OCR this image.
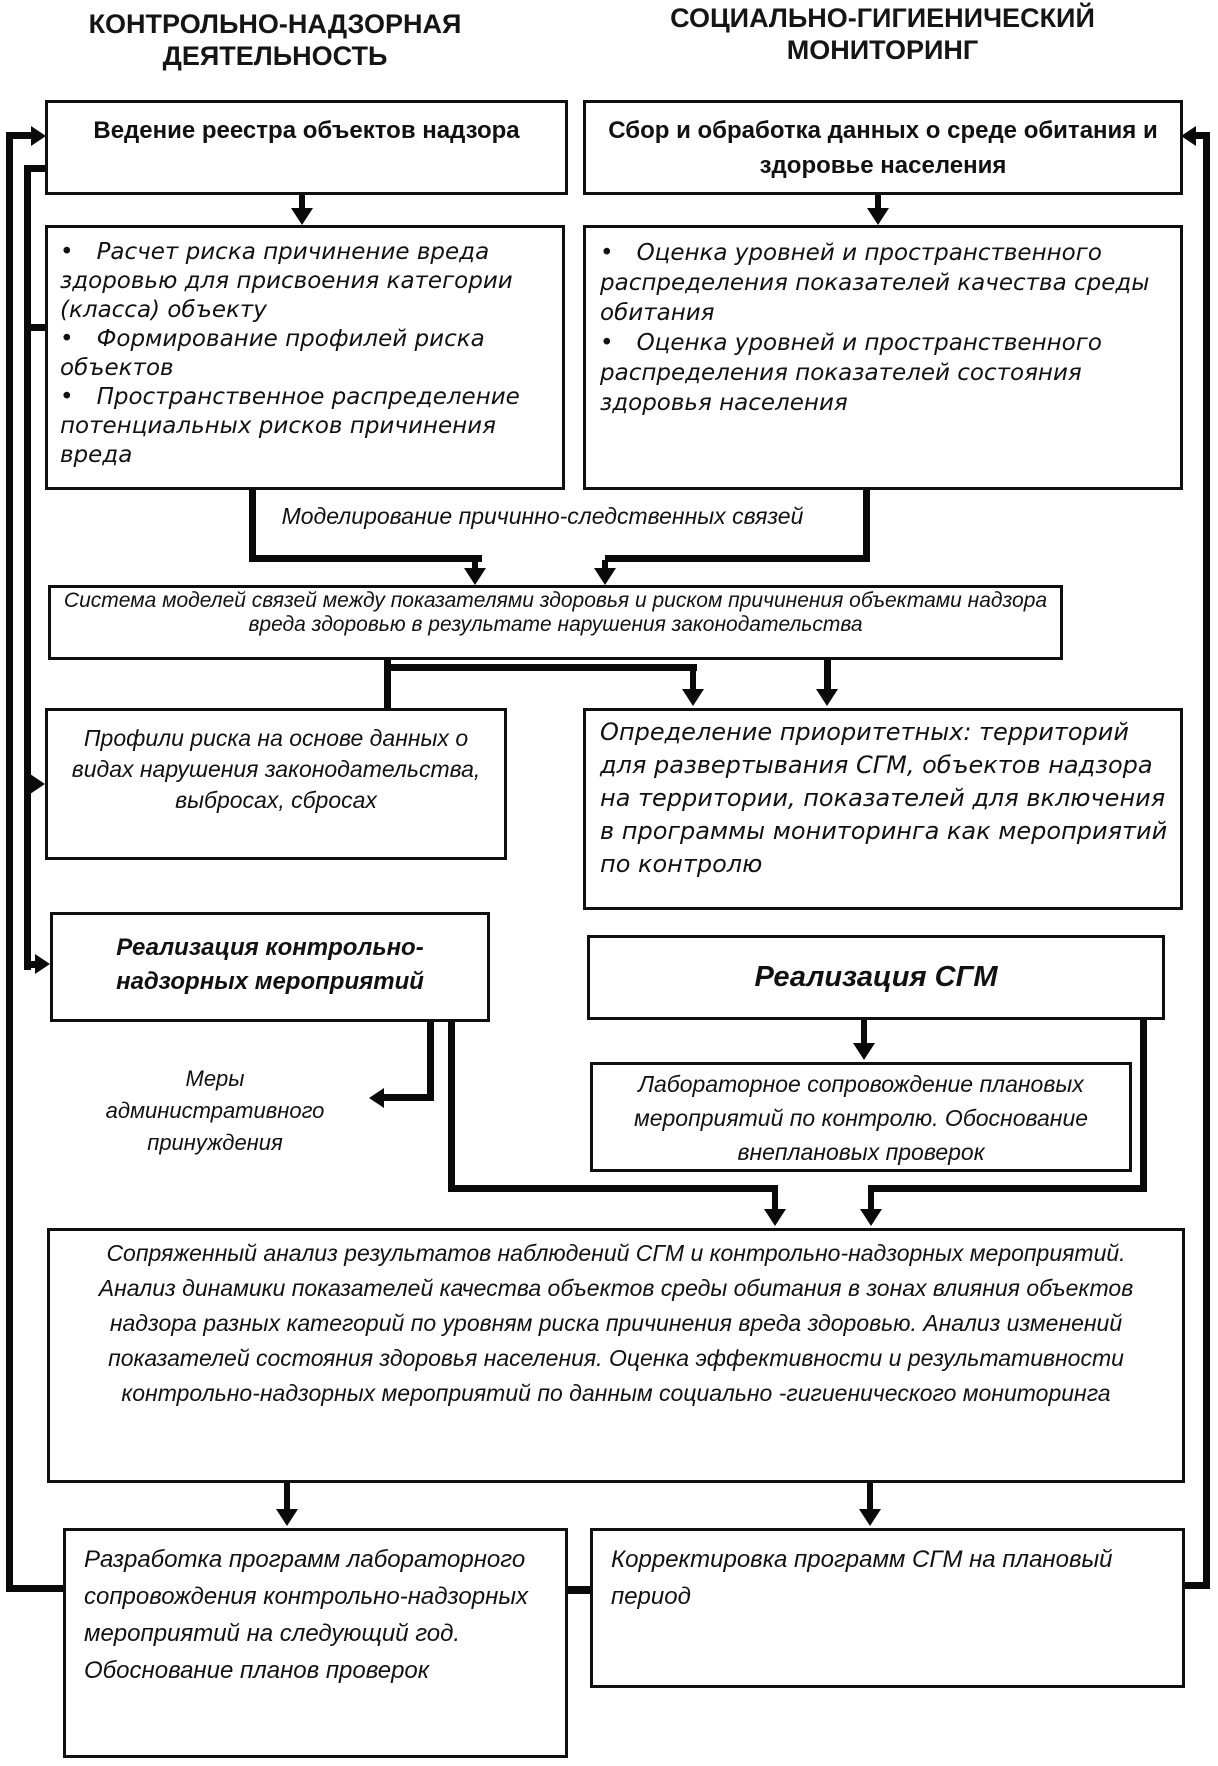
КОНТРОЛЬНО-НАДЗОРНАЯ ДЕЯТЕЛЬНОСТЬ
СОЦИАЛЬНО-ГИГИЕНИЧЕСКИЙ МОНИТОРИНГ
Ведение реестра объектов надзора	Сбор и обработка данных о среде обитания и здоровье населения
• Расчет риска причинение вреда здоровью для присвоения категории (класса) объекту
• Формирование профилей риска объектов
• Пространственное распределение потенциальных рисков причинения вреда
• Оценка уровней и пространственного распределения показателей качества среды обитания
• Оценка уровней и пространственного распределения показателей состояния здоровья населения
Моделирование причинно-следственных связей
Система моделей связей между показателями здоровья и риском причинения объектами надзора вреда здоровью в результате нарушения законодательства
Профили риска на основе данных о видах нарушения законодательства, выбросах, сбросах
Определение приоритетных: территорий для развертывания СГМ, объектов надзора на территории, показателей для включения в программы мониторинга как мероприятий по контролю
Реализация контрольно-надзорных мероприятий	Реализация СГМ
Меры административного принуждения
Лабораторное сопровождение плановых мероприятий по контролю. Обоснование внеплановых проверок
Сопряженный анализ результатов наблюдений СГМ и контрольно-надзорных мероприятий. Анализ динамики показателей качества объектов среды обитания в зонах влияния объектов надзора разных категорий по уровням риска причинения вреда здоровью. Анализ изменений показателей состояния здоровья населения. Оценка эффективности и результативности контрольно-надзорных мероприятий по данным социально -гигиенического мониторинга
Разработка программ лабораторного сопровождения контрольно-надзорных мероприятий на следующий год. Обоснование планов проверок
Корректировка программ СГМ на плановый период
